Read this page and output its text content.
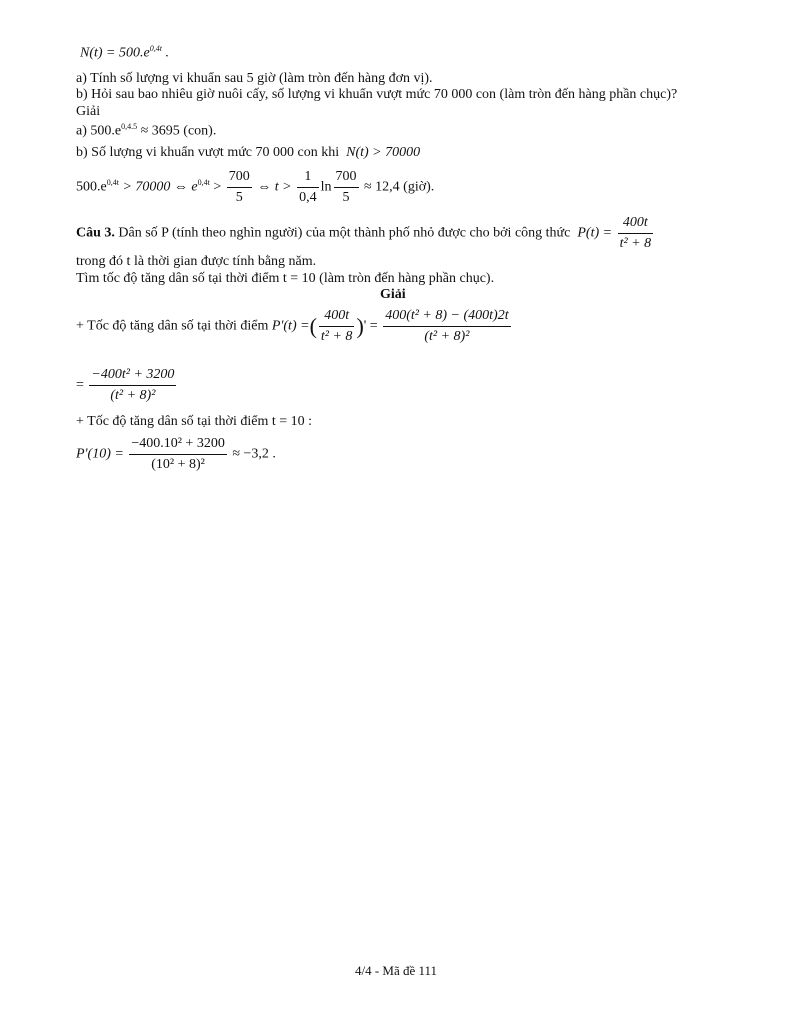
N(t) = 500.e0,4t .
a) Tính số lượng vi khuẩn sau 5 giờ (làm tròn đến hàng đơn vị).
b) Hỏi sau bao nhiêu giờ nuôi cấy, số lượng vi khuẩn vượt mức 70 000 con (làm tròn đến hàng phần chục)?
Giải
a) 500.e0,4.5 ≈ 3695 (con).
b) Số lượng vi khuẩn vượt mức 70 000 con khi N(t) > 70000
500.e0,4t > 70000 ⇔ $e0,4t > \frac{700}{5}$ ⇔ $t > \frac{1}{0,4}$ $\ln \frac{700}{5} \approx 12,4$ (giờ).
Câu 3. Dân số P (tính theo nghìn người) của một thành phố nhỏ được cho bởi công thức $P(t) = \frac{400t}{\text{t² + 8}}$
trong đó t là thời gian được tính bằng năm.
Tìm tốc độ tăng dân số tại thời điểm t = 10 (làm tròn đến hàng phần chục).
Giải
+ Tốc độ tăng dân số tại thời điểm P'(t) =( $\frac{400t}{\text{t² + 8}}$ )' = $\frac{\text{400(t² + 8) − (400t)2t}}{\text{(t² + 8)²}}$
= $\frac{\text{−400t² + 3200}}{\text{(t² + 8)²}}$
+ Tốc độ tăng dân số tại thời điểm t = 10 :
$P'(10) = \frac{\text{−400.10² + 3200}}{\text{(10² + 8)²}} \approx -3,2$ .
4/4 - Mã đề 111
